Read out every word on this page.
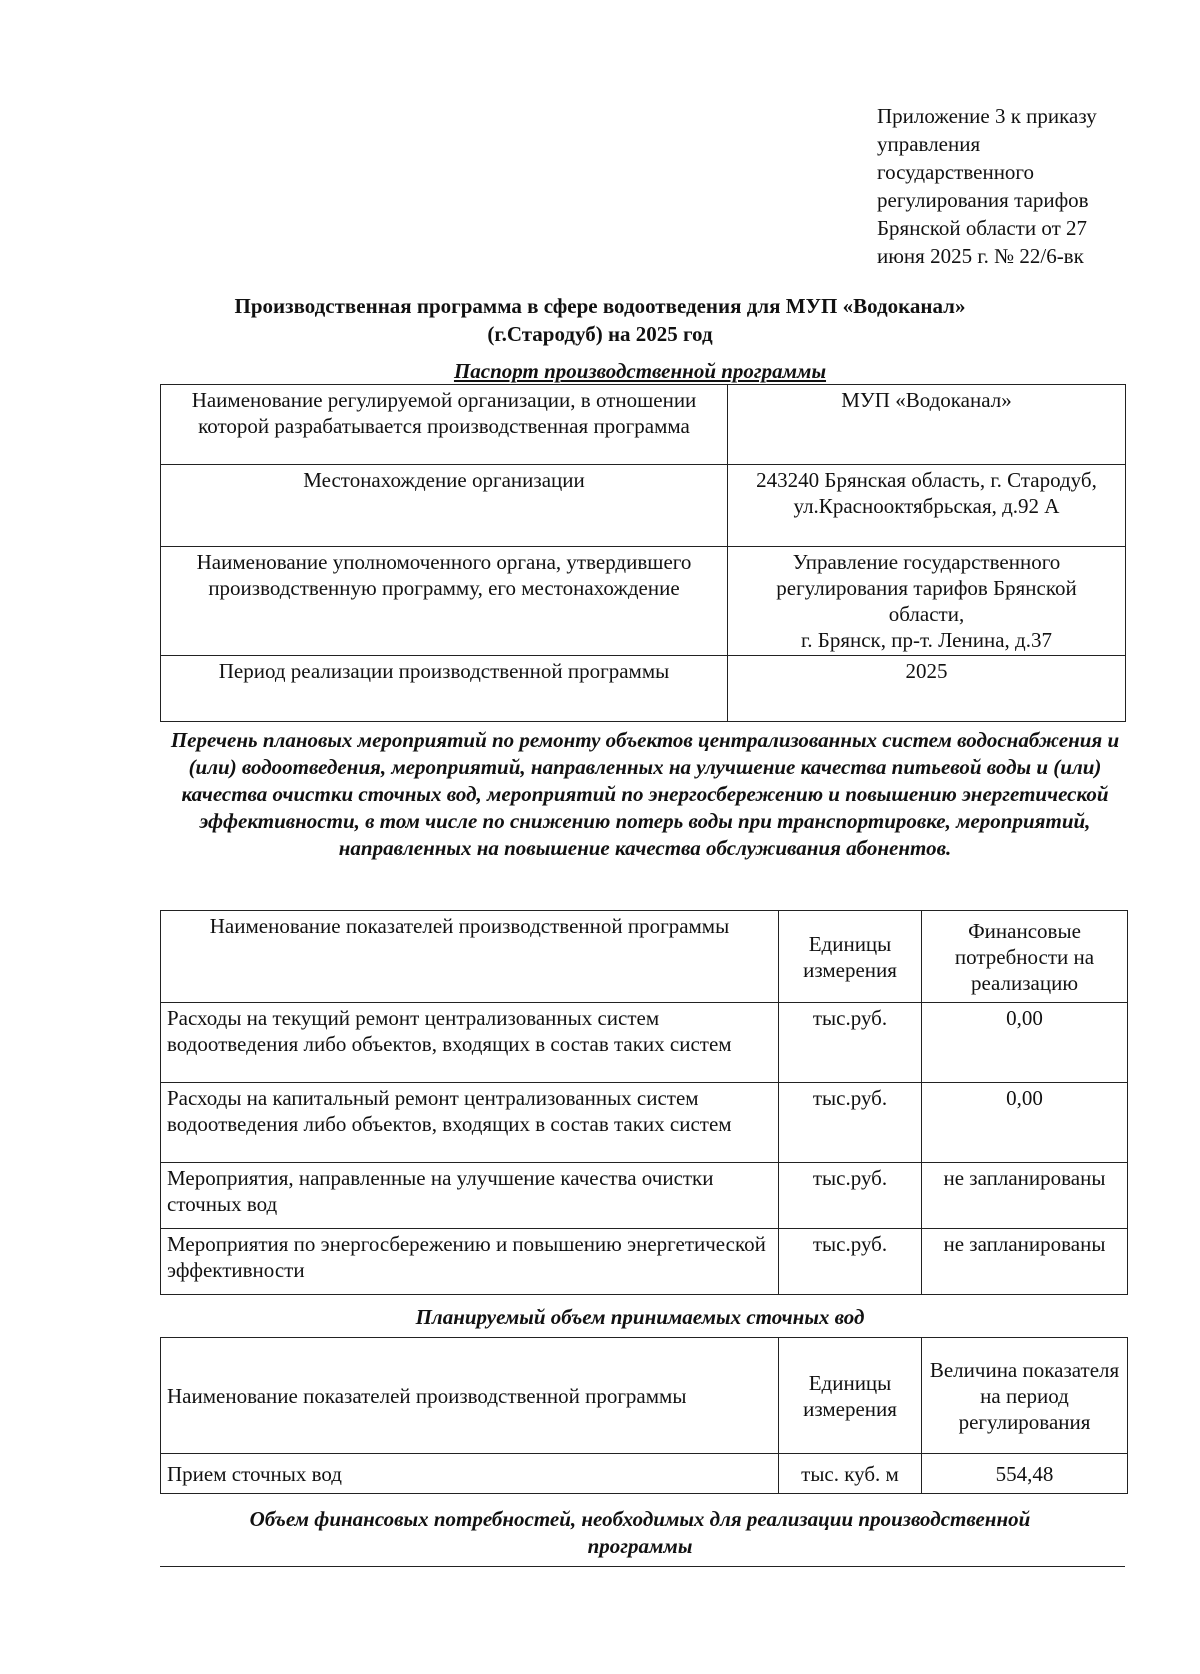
Приложение 3 к приказу
управления
государственного
регулирования тарифов
Брянской области от 27
июня 2025 г. № 22/6-вк
Производственная программа в сфере водоотведения для МУП «Водоканал»
(г.Стародуб) на 2025 год
Паспорт производственной программы
Наименование регулируемой организации, в отношении которой разрабатывается производственная программа	МУП «Водоканал»
Местонахождение организации	243240 Брянская область, г. Стародуб, ул.Краснооктябрьская, д.92 А
Наименование уполномоченного органа, утвердившего производственную программу, его местонахождение	Управление государственного регулирования тарифов Брянской области,
г. Брянск, пр-т. Ленина, д.37

Период реализации производственной программы	2025
Перечень плановых мероприятий по ремонту объектов централизованных систем водоснабжения и (или) водоотведения, мероприятий, направленных на улучшение качества питьевой воды и (или) качества очистки сточных вод, мероприятий по энергосбережению и повышению энергетической эффективности, в том числе по снижению потерь воды при транспортировке, мероприятий, направленных на повышение качества обслуживания абонентов.
Наименование показателей производственной программы	Единицы измерения	Финансовые потребности на реализацию
Расходы на текущий ремонт централизованных систем водоотведения либо объектов, входящих в состав таких систем	тыс.руб.	0,00
Расходы на капитальный ремонт централизованных систем водоотведения либо объектов, входящих в состав таких систем	тыс.руб.	0,00
Мероприятия, направленные на улучшение качества очистки сточных вод	тыс.руб.	не запланированы
Мероприятия по энергосбережению и повышению энергетической эффективности	тыс.руб.	не запланированы
Планируемый объем принимаемых сточных вод
Наименование показателей производственной программы	Единицы измерения	Величина показателя на период регулирования
Прием сточных вод	тыс. куб. м	554,48
Объем финансовых потребностей, необходимых для реализации производственной программы
